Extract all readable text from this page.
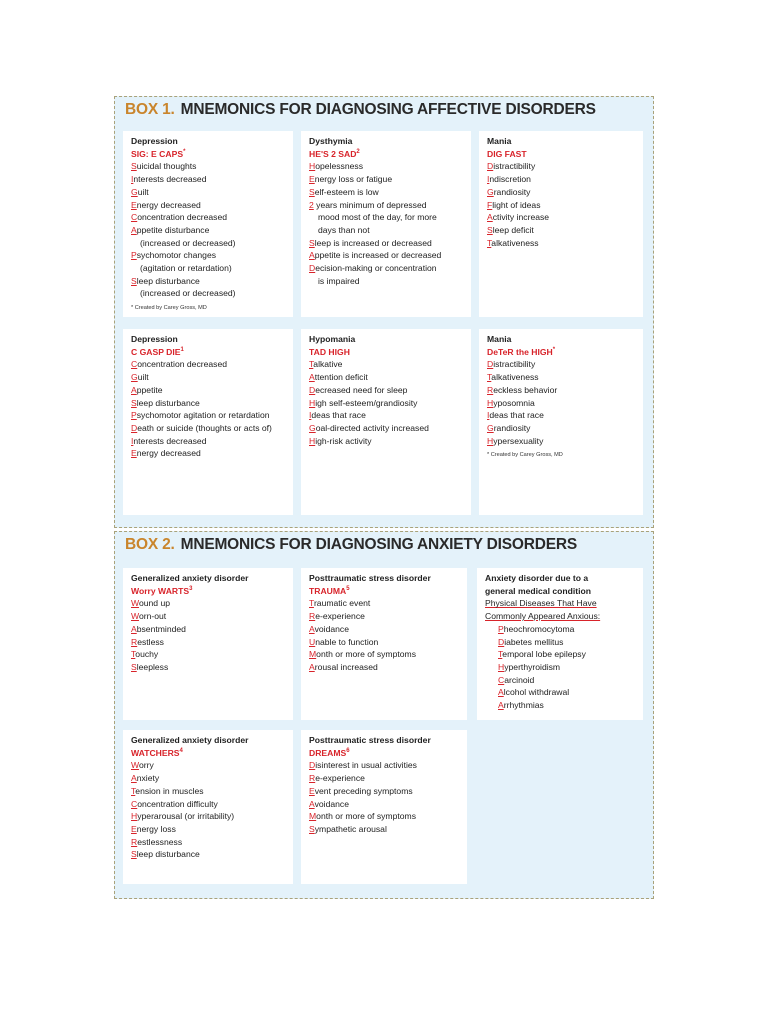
BOX 1. MNEMONICS FOR DIAGNOSING AFFECTIVE DISORDERS
Depression
SIG: E CAPS*
Suicidal thoughts
Interests decreased
Guilt
Energy decreased
Concentration decreased
Appetite disturbance
(increased or decreased)
Psychomotor changes
(agitation or retardation)
Sleep disturbance
(increased or decreased)
* Created by Carey Gross, MD
Dysthymia
HE'S 2 SAD$^2$
Hopelessness
Energy loss or fatigue
Self-esteem is low
2 years minimum of depressed
mood most of the day, for more
days than not
Sleep is increased or decreased
Appetite is increased or decreased
Decision-making or concentration
is impaired
Mania
DIG FAST
Distractibility
Indiscretion
Grandiosity
Flight of ideas
Activity increase
Sleep deficit
Talkativeness
Depression
C GASP DIE$^1$
Concentration decreased
Guilt
Appetite
Sleep disturbance
Psychomotor agitation or retardation
Death or suicide (thoughts or acts of)
Interests decreased
Energy decreased
Hypomania
TAD HIGH
Talkative
Attention deficit
Decreased need for sleep
High self-esteem/grandiosity
Ideas that race
Goal-directed activity increased
High-risk activity
Mania
DeTeR the HIGH*
Distractibility
Talkativeness
Reckless behavior
Hyposomnia
Ideas that race
Grandiosity
Hypersexuality
* Created by Carey Gross, MD
BOX 2. MNEMONICS FOR DIAGNOSING ANXIETY DISORDERS
Generalized anxiety disorder
Worry WARTS$^3$
Wound up
Worn-out
Absentminded
Restless
Touchy
Sleepless
Posttraumatic stress disorder
TRAUMA$^5$
Traumatic event
Re-experience
Avoidance
Unable to function
Month or more of symptoms
Arousal increased
Anxiety disorder due to a
general medical condition
Physical Diseases That Have
Commonly Appeared Anxious:
Pheochromocytoma
Diabetes mellitus
Temporal lobe epilepsy
Hyperthyroidism
Carcinoid
Alcohol withdrawal
Arrhythmias
Generalized anxiety disorder
WATCHERS$^4$
Worry
Anxiety
Tension in muscles
Concentration difficulty
Hyperarousal (or irritability)
Energy loss
Restlessness
Sleep disturbance
Posttraumatic stress disorder
DREAMS$^6$
Disinterest in usual activities
Re-experience
Event preceding symptoms
Avoidance
Month or more of symptoms
Sympathetic arousal
